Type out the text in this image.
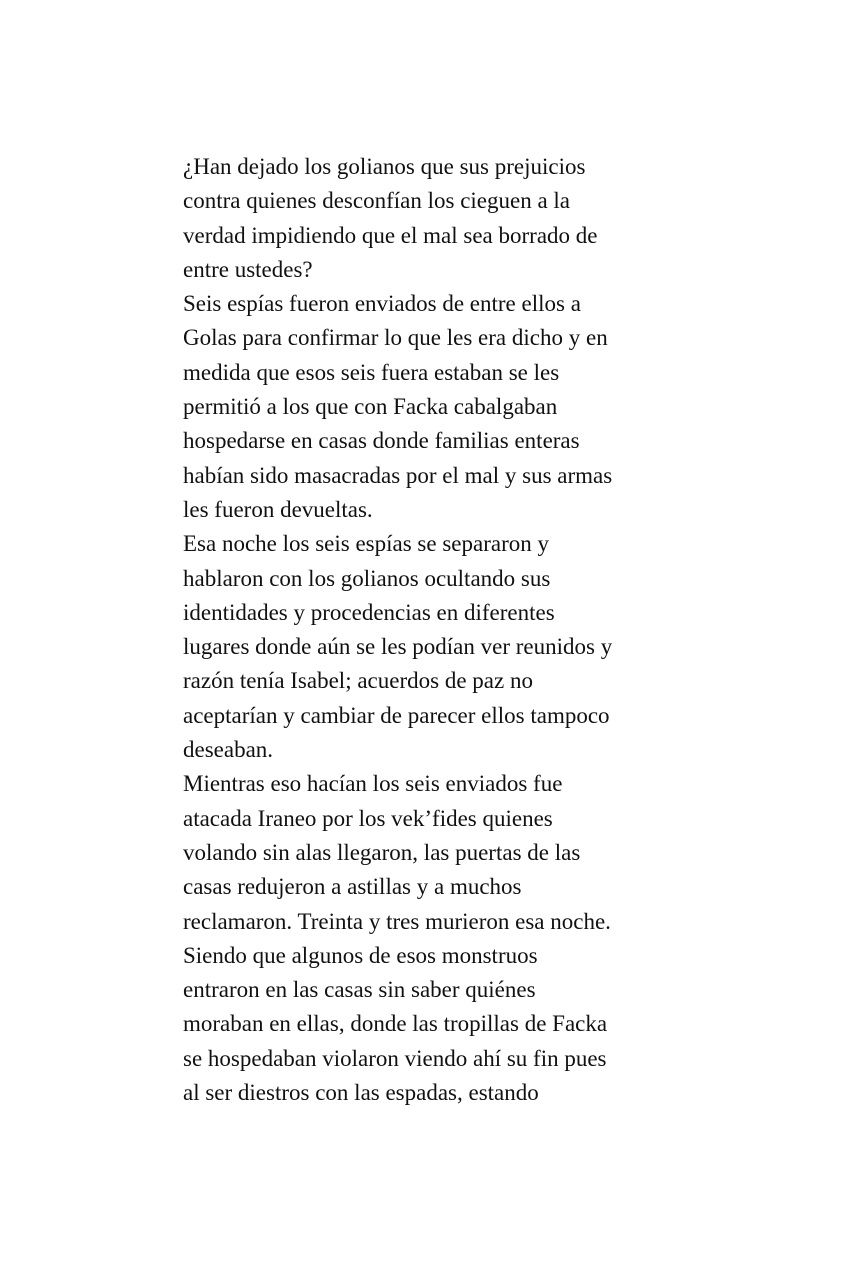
¿Han dejado los golianos que sus prejuicios
contra quienes desconfían los cieguen a la
verdad impidiendo que el mal sea borrado de
entre ustedes?
Seis espías fueron enviados de entre ellos a
Golas para confirmar lo que les era dicho y en
medida que esos seis fuera estaban se les
permitió a los que con Facka cabalgaban
hospedarse en casas donde familias enteras
habían sido masacradas por el mal y sus armas
les fueron devueltas.
Esa noche los seis espías se separaron y
hablaron con los golianos ocultando sus
identidades y procedencias en diferentes
lugares donde aún se les podían ver reunidos y
razón tenía Isabel; acuerdos de paz no
aceptarían y cambiar de parecer ellos tampoco
deseaban.
Mientras eso hacían los seis enviados fue
atacada Iraneo por los vek’fides quienes
volando sin alas llegaron, las puertas de las
casas redujeron a astillas y a muchos
reclamaron. Treinta y tres murieron esa noche.
Siendo que algunos de esos monstruos
entraron en las casas sin saber quiénes
moraban en ellas, donde las tropillas de Facka
se hospedaban violaron viendo ahí su fin pues
al ser diestros con las espadas, estando
